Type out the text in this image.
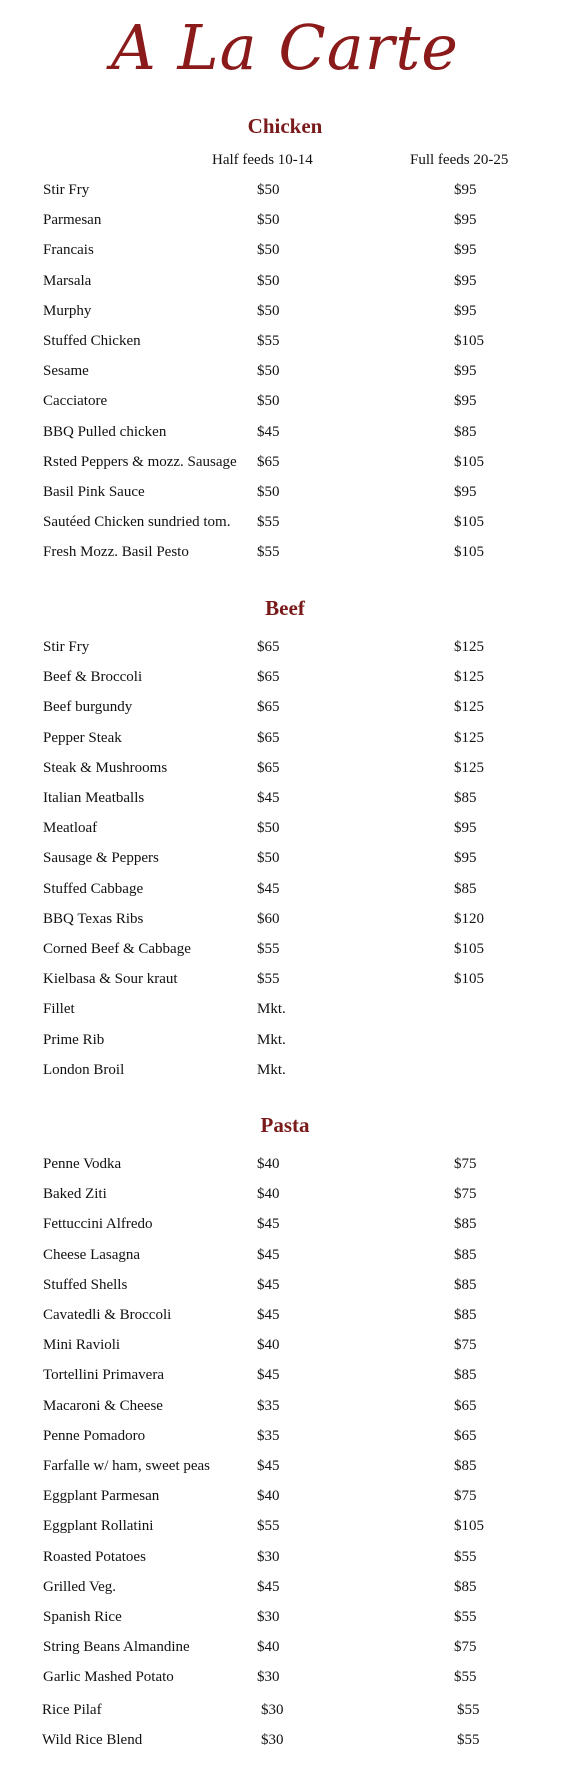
A La Carte
Chicken
Half feeds 10-14	Full feeds 20-25
Stir Fry	$50	$95
Parmesan	$50	$95
Francais	$50	$95
Marsala	$50	$95
Murphy	$50	$95
Stuffed Chicken	$55	$105
Sesame	$50	$95
Cacciatore	$50	$95
BBQ Pulled chicken	$45	$85
Rsted Peppers & mozz. Sausage $65	$105
Basil Pink Sauce	$50	$95
Sautéed Chicken sundried tom. $55	$105
Fresh Mozz. Basil Pesto	$55	$105
Beef
Stir Fry	$65	$125
Beef & Broccoli	$65	$125
Beef burgundy	$65	$125
Pepper Steak	$65	$125
Steak & Mushrooms	$65	$125
Italian Meatballs	$45	$85
Meatloaf	$50	$95
Sausage & Peppers	$50	$95
Stuffed Cabbage	$45	$85
BBQ Texas Ribs	$60	$120
Corned Beef & Cabbage	$55	$105
Kielbasa & Sour kraut	$55	$105
Fillet	Mkt.
Prime Rib	Mkt.
London Broil	Mkt.
Pasta
Penne Vodka	$40	$75
Baked Ziti	$40	$75
Fettuccini Alfredo	$45	$85
Cheese Lasagna	$45	$85
Stuffed Shells	$45	$85
Cavatedli & Broccoli	$45	$85
Mini Ravioli	$40	$75
Tortellini Primavera	$45	$85
Macaroni & Cheese	$35	$65
Penne Pomadoro	$35	$65
Farfalle w/ ham, sweet peas	$45	$85
Eggplant Parmesan	$40	$75
Eggplant Rollatini	$55	$105
Roasted Potatoes	$30	$55
Grilled Veg.	$45	$85
Spanish Rice	$30	$55
String Beans Almandine	$40	$75
Garlic Mashed Potato	$30	$55
Rice Pilaf	$30	$55
Wild Rice Blend	$30	$55
